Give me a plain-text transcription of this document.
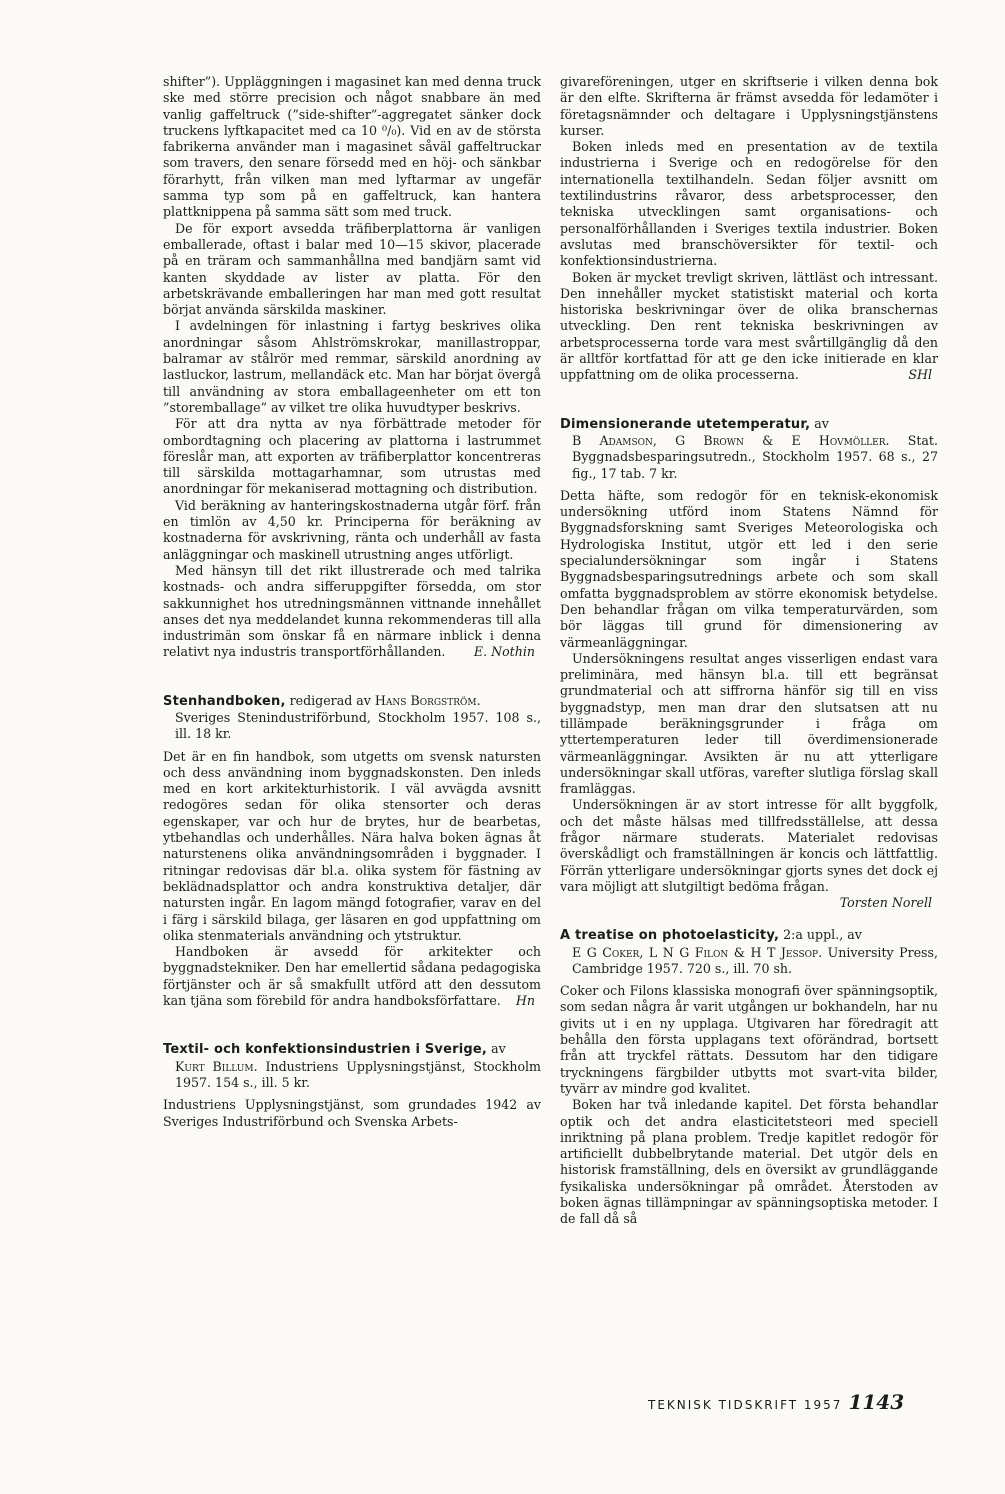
shifter”). Uppläggningen i magasinet kan med denna truck ske med större precision och något snabbare än med vanlig gaffeltruck (”side-shifter”-aggregatet sänker dock truckens lyftkapacitet med ca 10 ⁰/₀). Vid en av de största fabrikerna använder man i magasinet såväl gaffeltruckar som travers, den senare försedd med en höj- och sänkbar förarhytt, från vilken man med lyftarmar av ungefär samma typ som på en gaffeltruck, kan hantera plattknippena på samma sätt som med truck.

De för export avsedda träfiberplattorna är vanligen emballerade, oftast i balar med 10—15 skivor, placerade på en träram och sammanhållna med bandjärn samt vid kanten skyddade av lister av platta. För den arbetskrävande emballeringen har man med gott resultat börjat använda särskilda maskiner.

I avdelningen för inlastning i fartyg beskrives olika anordningar såsom Ahlströmskrokar, manillastroppar, balramar av stålrör med remmar, särskild anordning av lastluckor, lastrum, mellandäck etc. Man har börjat övergå till användning av stora emballageenheter om ett ton ”storemballage” av vilket tre olika huvudtyper beskrivs.

För att dra nytta av nya förbättrade metoder för ombordtagning och placering av plattorna i lastrummet föreslår man, att exporten av träfiberplattor koncentreras till särskilda mottagarhamnar, som utrustas med anordningar för mekaniserad mottagning och distribution.

Vid beräkning av hanteringskostnaderna utgår förf. från en timlön av 4,50 kr. Principerna för beräkning av kostnaderna för avskrivning, ränta och underhåll av fasta anläggningar och maskinell utrustning anges utförligt.

Med hänsyn till det rikt illustrerade och med talrika kostnads- och andra sifferuppgifter försedda, om stor sakkunnighet hos utredningsmännen vittnande innehållet anses det nya meddelandet kunna rekommenderas till alla industrimän som önskar få en närmare inblick i denna relativt nya industris transportförhållanden.	E. Nothin

Stenhandboken, redigerad av Hans Borgström.
Sveriges Stenindustriförbund, Stockholm 1957. 108 s., ill. 18 kr.

Det är en fin handbok, som utgetts om svensk natursten och dess användning inom byggnadskonsten. Den inleds med en kort arkitekturhistorik. I väl avvägda avsnitt redogöres sedan för olika stensorter och deras egenskaper, var och hur de brytes, hur de bearbetas, ytbehandlas och underhålles. Nära halva boken ägnas åt naturstenens olika användningsområden i byggnader. I ritningar redovisas där bl.a. olika system för fästning av beklädnadsplattor och andra konstruktiva detaljer, där natursten ingår. En lagom mängd fotografier, varav en del i färg i särskild bilaga, ger läsaren en god uppfattning om olika stenmaterials användning och ytstruktur.

Handboken är avsedd för arkitekter och byggnadstekniker. Den har emellertid sådana pedagogiska förtjänster och är så smakfullt utförd att den dessutom kan tjäna som förebild för andra handboksförfattare.	Hn

Textil- och konfektionsindustrien i Sverige, av
Kurt Billum. Industriens Upplysningstjänst, Stockholm 1957. 154 s., ill. 5 kr.

Industriens Upplysningstjänst, som grundades 1942 av Sveriges Industriförbund och Svenska Arbets-

givareföreningen, utger en skriftserie i vilken denna bok är den elfte. Skrifterna är främst avsedda för ledamöter i företagsnämnder och deltagare i Upplysningstjänstens kurser.

Boken inleds med en presentation av de textila industrierna i Sverige och en redogörelse för den internationella textilhandeln. Sedan följer avsnitt om textilindustrins råvaror, dess arbetsprocesser, den tekniska utvecklingen samt organisations- och personalförhållanden i Sveriges textila industrier. Boken avslutas med branschöversikter för textil- och konfektionsindustrierna.

Boken är mycket trevligt skriven, lättläst och intressant. Den innehåller mycket statistiskt material och korta historiska beskrivningar över de olika branschernas utveckling. Den rent tekniska beskrivningen av arbetsprocesserna torde vara mest svårtillgänglig då den är alltför kortfattad för att ge den icke initierade en klar uppfattning om de olika processerna.	SHl

Dimensionerande utetemperatur, av
B Adamson, G Brown & E Hovmöller. Stat. Byggnadsbesparingsutredn., Stockholm 1957. 68 s., 27 fig., 17 tab. 7 kr.

Detta häfte, som redogör för en teknisk-ekonomisk undersökning utförd inom Statens Nämnd för Byggnadsforskning samt Sveriges Meteorologiska och Hydrologiska Institut, utgör ett led i den serie specialundersökningar som ingår i Statens Byggnadsbesparingsutrednings arbete och som skall omfatta byggnadsproblem av större ekonomisk betydelse. Den behandlar frågan om vilka temperaturvärden, som bör läggas till grund för dimensionering av värmeanläggningar.

Undersökningens resultat anges visserligen endast vara preliminära, med hänsyn bl.a. till ett begränsat grundmaterial och att siffrorna hänför sig till en viss byggnadstyp, men man drar den slutsatsen att nu tillämpade beräkningsgrunder i fråga om yttertemperaturen leder till överdimensionerade värmeanläggningar. Avsikten är nu att ytterligare undersökningar skall utföras, varefter slutliga förslag skall framläggas.

Undersökningen är av stort intresse för allt byggfolk, och det måste hälsas med tillfredsställelse, att dessa frågor närmare studerats. Materialet redovisas överskådligt och framställningen är koncis och lättfattlig. Förrän ytterligare undersökningar gjorts synes det dock ej vara möjligt att slutgiltigt bedöma frågan.
Torsten Norell

A treatise on photoelasticity, 2:a uppl., av
E G Coker, L N G Filon & H T Jessop. University Press, Cambridge 1957. 720 s., ill. 70 sh.

Coker och Filons klassiska monografi över spänningsoptik, som sedan några år varit utgången ur bokhandeln, har nu givits ut i en ny upplaga. Utgivaren har föredragit att behålla den första upplagans text oförändrad, bortsett från att tryckfel rättats. Dessutom har den tidigare tryckningens färgbilder utbytts mot svart-vita bilder, tyvärr av mindre god kvalitet.

Boken har två inledande kapitel. Det första behandlar optik och det andra elasticitetsteori med speciell inriktning på plana problem. Tredje kapitlet redogör för artificiellt dubbelbrytande material. Det utgör dels en historisk framställning, dels en översikt av grundläggande fysikaliska undersökningar på området. Återstoden av boken ägnas tillämpningar av spänningsoptiska metoder. I de fall då så

TEKNISK TIDSKRIFT 1957 1143
